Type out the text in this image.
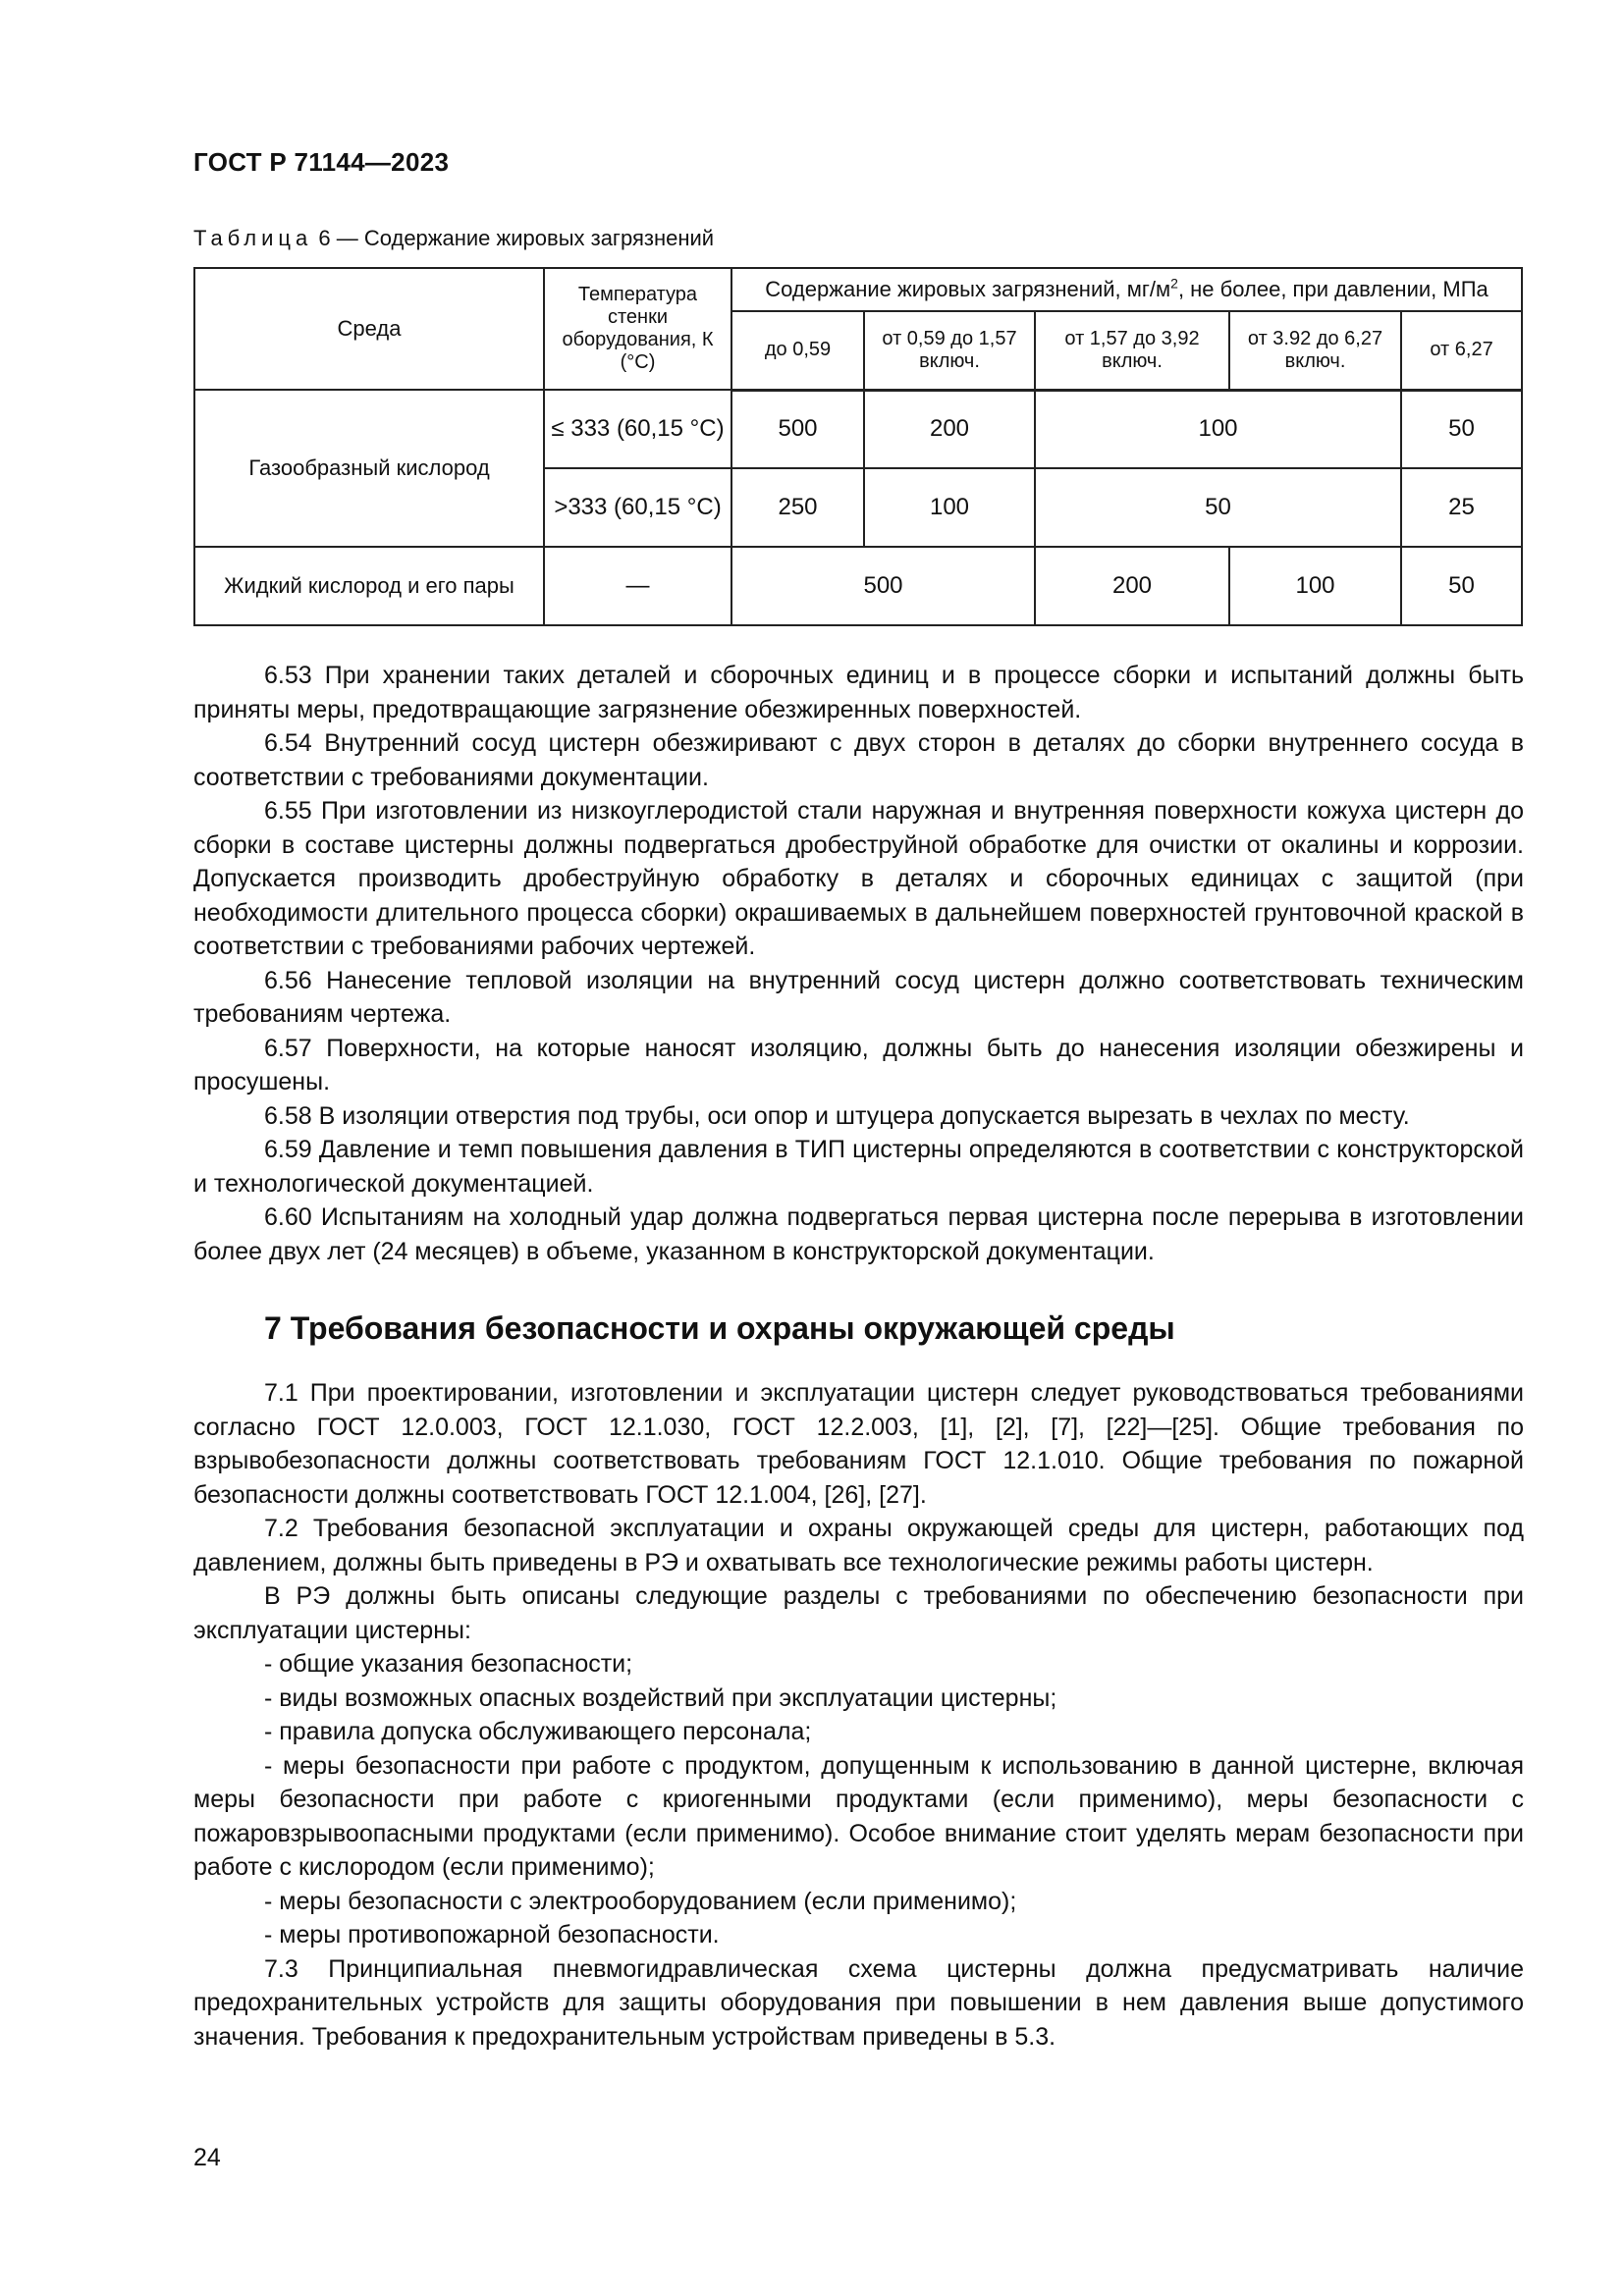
ГОСТ Р 71144—2023
Таблица 6 — Содержание жировых загрязнений
Среда	Температура стенки оборудования, К (°С)	Содержание жировых загрязнений, $мг/м^2$, не более, при давлении, МПа				
		до 0,59	от 0,59 до 1,57 включ.	от 1,57 до 3,92 включ.	от 3.92 до 6,27 включ.	от 6,27
Газообразный кислород	≤ 333 (60,15 °С)	500	200	100		50
	>333 (60,15 °С)	250	100	50		25
Жидкий кислород и его пары	—	500		200	100	50

6.53 При хранении таких деталей и сборочных единиц и в процессе сборки и испытаний должны быть приняты меры, предотвращающие загрязнение обезжиренных поверхностей.

6.54 Внутренний сосуд цистерн обезжиривают с двух сторон в деталях до сборки внутреннего сосуда в соответствии с требованиями документации.

6.55 При изготовлении из низкоуглеродистой стали наружная и внутренняя поверхности кожуха цистерн до сборки в составе цистерны должны подвергаться дробеструйной обработке для очистки от окалины и коррозии. Допускается производить дробеструйную обработку в деталях и сборочных единицах с защитой (при необходимости длительного процесса сборки) окрашиваемых в дальнейшем поверхностей грунтовочной краской в соответствии с требованиями рабочих чертежей.

6.56 Нанесение тепловой изоляции на внутренний сосуд цистерн должно соответствовать техническим требованиям чертежа.

6.57 Поверхности, на которые наносят изоляцию, должны быть до нанесения изоляции обезжирены и просушены.

6.58 В изоляции отверстия под трубы, оси опор и штуцера допускается вырезать в чехлах по месту.

6.59 Давление и темп повышения давления в ТИП цистерны определяются в соответствии с конструкторской и технологической документацией.

6.60 Испытаниям на холодный удар должна подвергаться первая цистерна после перерыва в изготовлении более двух лет (24 месяцев) в объеме, указанном в конструкторской документации.

7 Требования безопасности и охраны окружающей среды

7.1 При проектировании, изготовлении и эксплуатации цистерн следует руководствоваться требованиями согласно ГОСТ 12.0.003, ГОСТ 12.1.030, ГОСТ 12.2.003, [1], [2], [7], [22]—[25]. Общие требования по взрывобезопасности должны соответствовать требованиям ГОСТ 12.1.010. Общие требования по пожарной безопасности должны соответствовать ГОСТ 12.1.004, [26], [27].

7.2 Требования безопасной эксплуатации и охраны окружающей среды для цистерн, работающих под давлением, должны быть приведены в РЭ и охватывать все технологические режимы работы цистерн.

В РЭ должны быть описаны следующие разделы с требованиями по обеспечению безопасности при эксплуатации цистерны:

- общие указания безопасности;

- виды возможных опасных воздействий при эксплуатации цистерны;

- правила допуска обслуживающего персонала;

- меры безопасности при работе с продуктом, допущенным к использованию в данной цистерне, включая меры безопасности при работе с криогенными продуктами (если применимо), меры безопасности с пожаровзрывоопасными продуктами (если применимо). Особое внимание стоит уделять мерам безопасности при работе с кислородом (если применимо);

- меры безопасности с электрооборудованием (если применимо);

- меры противопожарной безопасности.

7.3 Принципиальная пневмогидравлическая схема цистерны должна предусматривать наличие предохранительных устройств для защиты оборудования при повышении в нем давления выше допустимого значения. Требования к предохранительным устройствам приведены в 5.3.

24
